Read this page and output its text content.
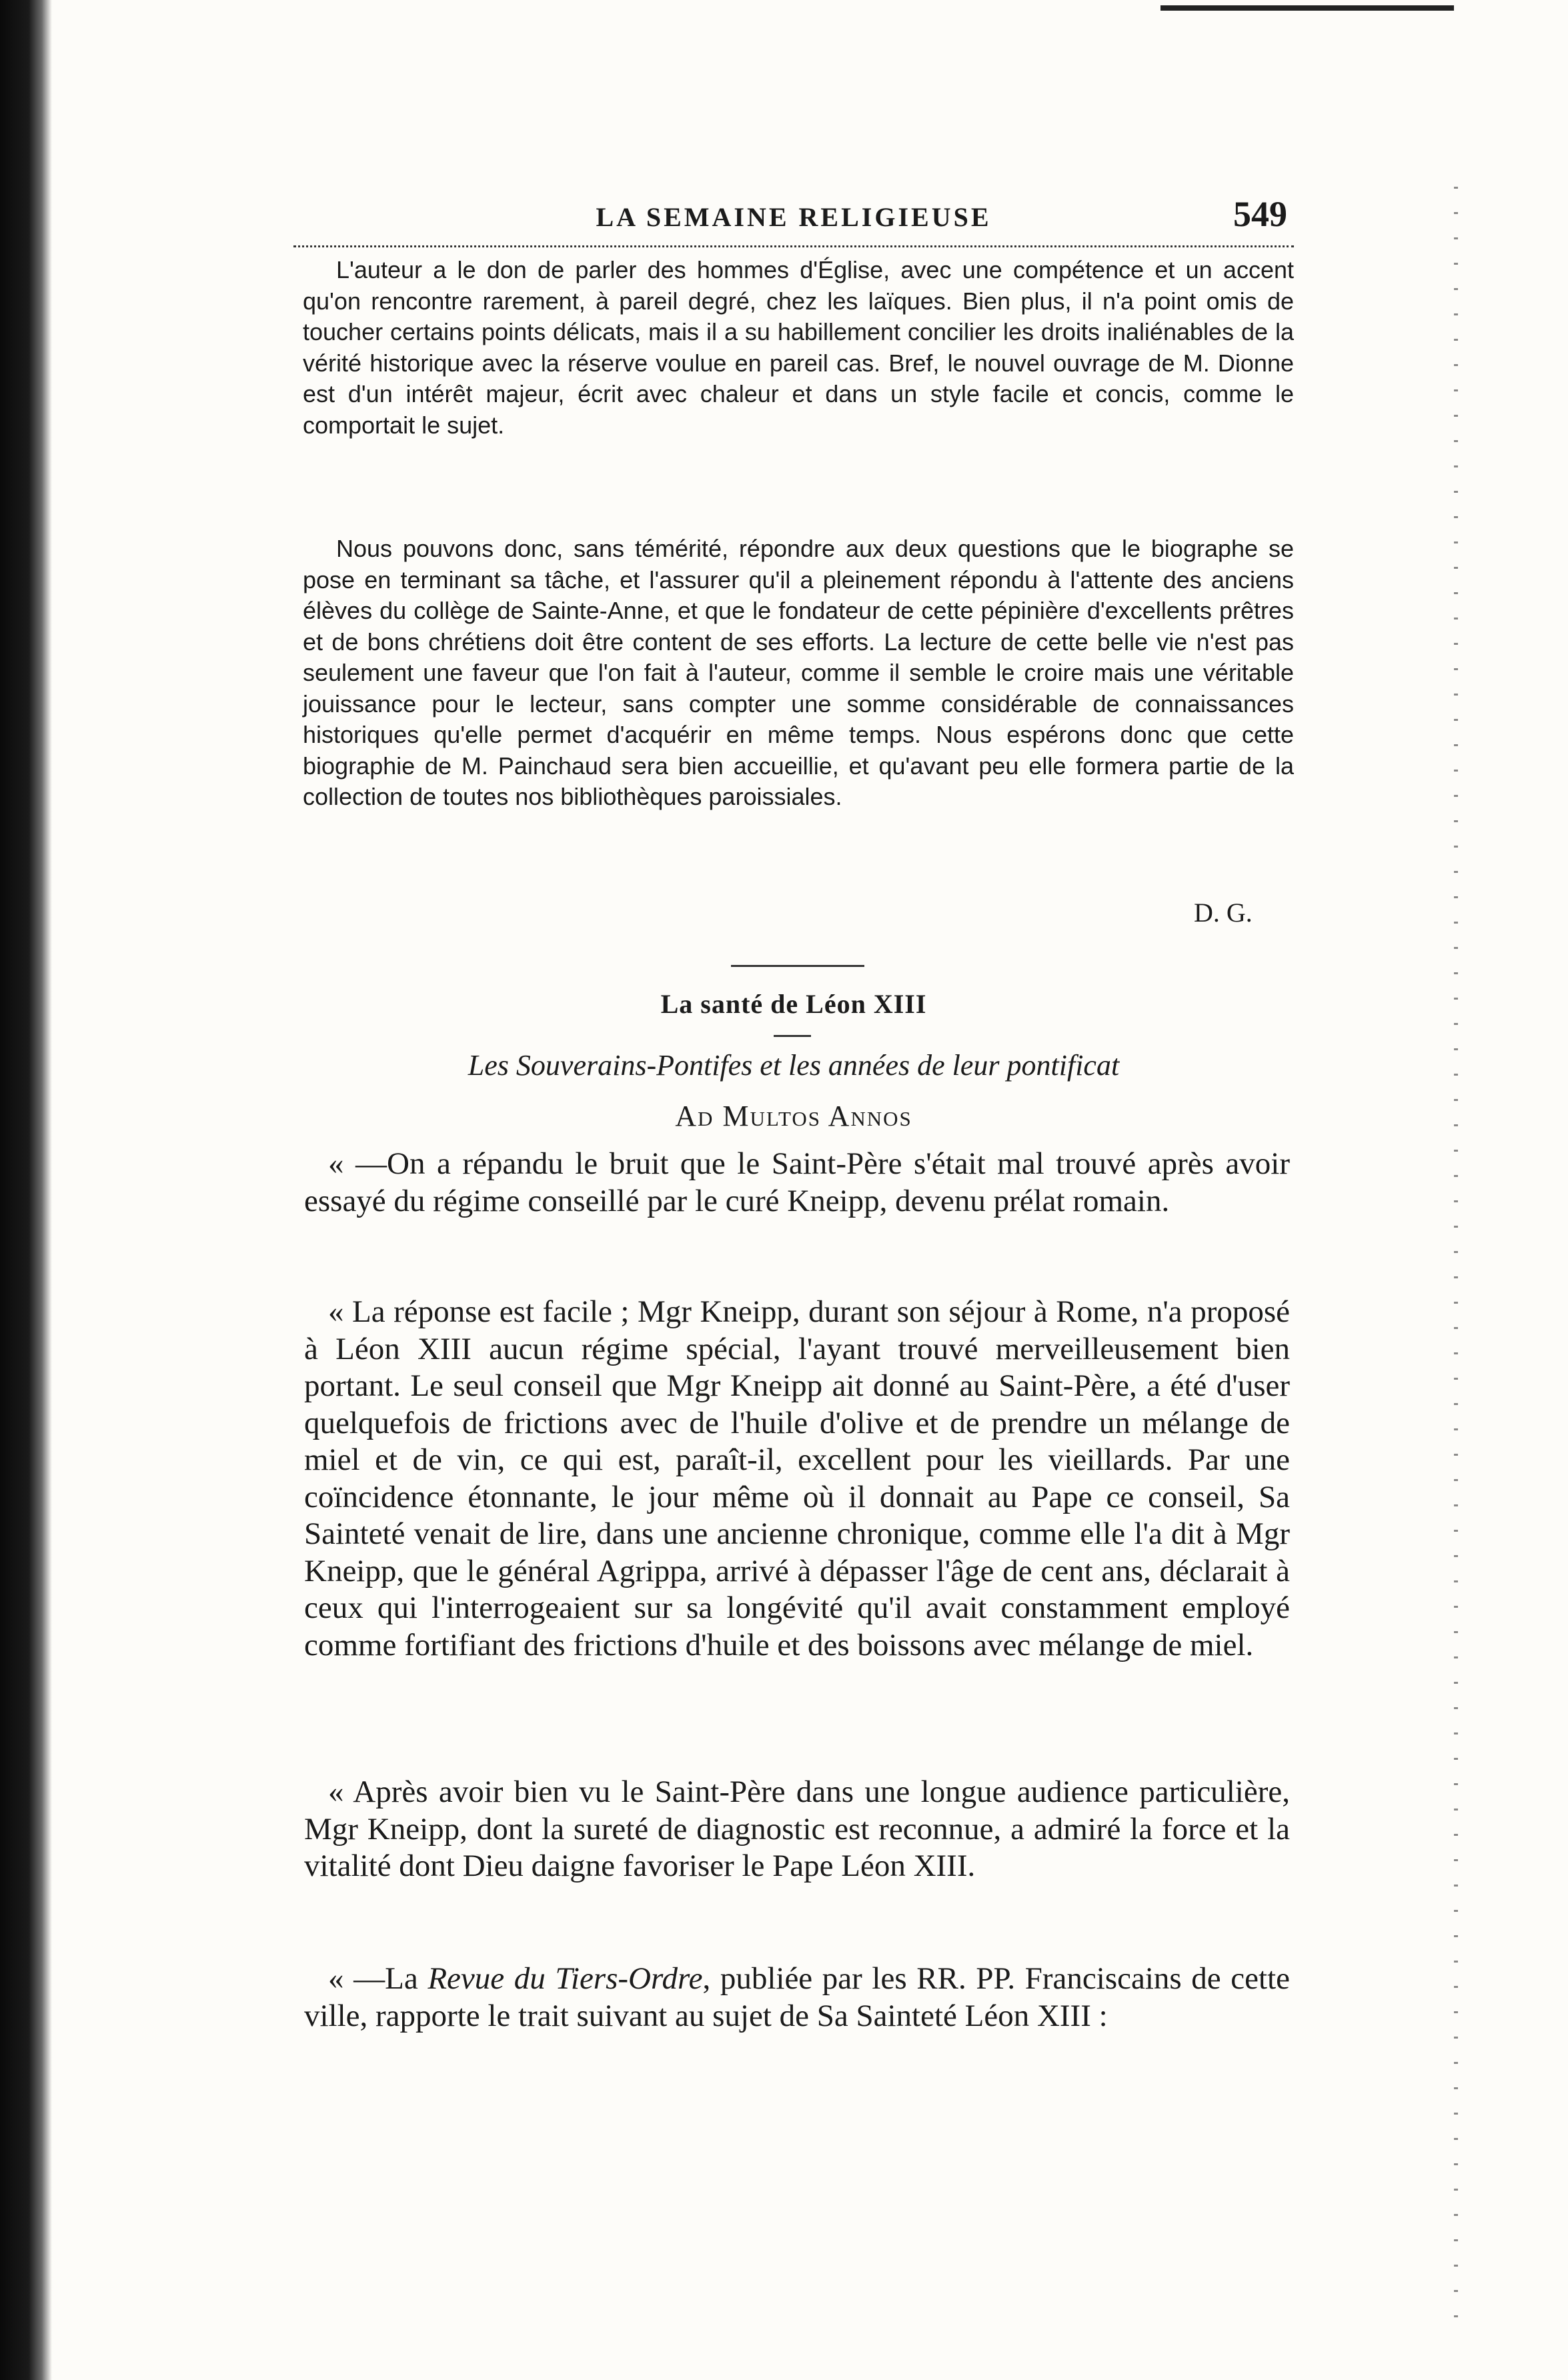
LA SEMAINE RELIGIEUSE	549

L'auteur a le don de parler des hommes d'Église, avec une compétence et un accent qu'on rencontre rarement, à pareil degré, chez les laïques. Bien plus, il n'a point omis de toucher certains points délicats, mais il a su habillement concilier les droits inaliénables de la vérité historique avec la réserve voulue en pareil cas. Bref, le nouvel ouvrage de M. Dionne est d'un intérêt majeur, écrit avec chaleur et dans un style facile et concis, comme le comportait le sujet.

Nous pouvons donc, sans témérité, répondre aux deux questions que le biographe se pose en terminant sa tâche, et l'assurer qu'il a pleinement répondu à l'attente des anciens élèves du collège de Sainte-Anne, et que le fondateur de cette pépinière d'excellents prêtres et de bons chrétiens doit être content de ses efforts. La lecture de cette belle vie n'est pas seulement une faveur que l'on fait à l'auteur, comme il semble le croire mais une véritable jouissance pour le lecteur, sans compter une somme considérable de connaissances historiques qu'elle permet d'acquérir en même temps. Nous espérons donc que cette biographie de M. Painchaud sera bien accueillie, et qu'avant peu elle formera partie de la collection de toutes nos bibliothèques paroissiales.

D. G.
La santé de Léon XIII
Les Souverains-Pontifes et les années de leur pontificat
Ad Multos Annos

« —On a répandu le bruit que le Saint-Père s'était mal trouvé après avoir essayé du régime conseillé par le curé Kneipp, devenu prélat romain.

« La réponse est facile ; Mgr Kneipp, durant son séjour à Rome, n'a proposé à Léon XIII aucun régime spécial, l'ayant trouvé merveilleusement bien portant. Le seul conseil que Mgr Kneipp ait donné au Saint-Père, a été d'user quelquefois de frictions avec de l'huile d'olive et de prendre un mélange de miel et de vin, ce qui est, paraît-il, excellent pour les vieillards. Par une coïncidence étonnante, le jour même où il donnait au Pape ce conseil, Sa Sainteté venait de lire, dans une ancienne chronique, comme elle l'a dit à Mgr Kneipp, que le général Agrippa, arrivé à dépasser l'âge de cent ans, déclarait à ceux qui l'interrogeaient sur sa longévité qu'il avait constamment employé comme fortifiant des frictions d'huile et des boissons avec mélange de miel.

« Après avoir bien vu le Saint-Père dans une longue audience particulière, Mgr Kneipp, dont la sureté de diagnostic est reconnue, a admiré la force et la vitalité dont Dieu daigne favoriser le Pape Léon XIII.

« —La Revue du Tiers-Ordre, publiée par les RR. PP. Franciscains de cette ville, rapporte le trait suivant au sujet de Sa Sainteté Léon XIII :
